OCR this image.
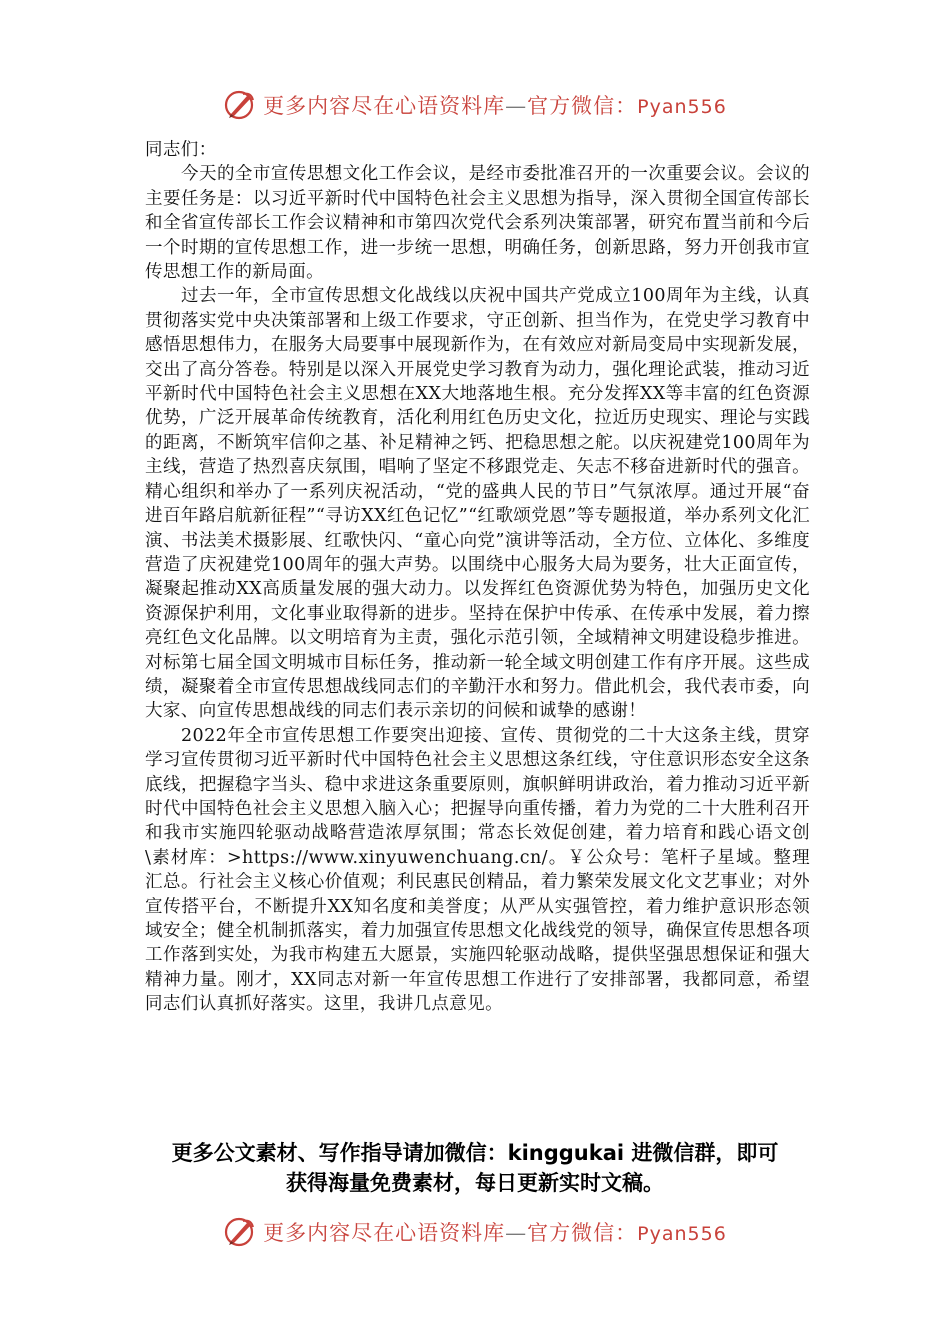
更多内容尽在心语资料库—官方微信：Pyan556

同志们：

今天的全市宣传思想文化工作会议，是经市委批准召开的一次重要会议。会议的主要任务是：以习近平新时代中国特色社会主义思想为指导，深入贯彻全国宣传部长和全省宣传部长工作会议精神和市第四次党代会系列决策部署，研究布置当前和今后一个时期的宣传思想工作，进一步统一思想，明确任务，创新思路，努力开创我市宣传思想工作的新局面。

过去一年，全市宣传思想文化战线以庆祝中国共产党成立100周年为主线，认真贯彻落实党中央决策部署和上级工作要求，守正创新、担当作为，在党史学习教育中感悟思想伟力，在服务大局要事中展现新作为，在有效应对新局变局中实现新发展，交出了高分答卷。特别是以深入开展党史学习教育为动力，强化理论武装，推动习近平新时代中国特色社会主义思想在XX大地落地生根。充分发挥XX等丰富的红色资源优势，广泛开展革命传统教育，活化利用红色历史文化，拉近历史现实、理论与实践的距离，不断筑牢信仰之基、补足精神之钙、把稳思想之舵。以庆祝建党100周年为主线，营造了热烈喜庆氛围，唱响了坚定不移跟党走、矢志不移奋进新时代的强音。精心组织和举办了一系列庆祝活动，“党的盛典人民的节日”气氛浓厚。通过开展“奋进百年路启航新征程”“寻访XX红色记忆”“红歌颂党恩”等专题报道，举办系列文化汇演、书法美术摄影展、红歌快闪、“童心向党”演讲等活动，全方位、立体化、多维度营造了庆祝建党100周年的强大声势。以围绕中心服务大局为要务，壮大正面宣传，凝聚起推动XX高质量发展的强大动力。以发挥红色资源优势为特色，加强历史文化资源保护利用，文化事业取得新的进步。坚持在保护中传承、在传承中发展，着力擦亮红色文化品牌。以文明培育为主责，强化示范引领，全域精神文明建设稳步推进。对标第七届全国文明城市目标任务，推动新一轮全域文明创建工作有序开展。这些成绩，凝聚着全市宣传思想战线同志们的辛勤汗水和努力。借此机会，我代表市委，向大家、向宣传思想战线的同志们表示亲切的问候和诚挚的感谢！

2022年全市宣传思想工作要突出迎接、宣传、贯彻党的二十大这条主线，贯穿学习宣传贯彻习近平新时代中国特色社会主义思想这条红线，守住意识形态安全这条底线，把握稳字当头、稳中求进这条重要原则，旗帜鲜明讲政治，着力推动习近平新时代中国特色社会主义思想入脑入心；把握导向重传播，着力为党的二十大胜利召开和我市实施四轮驱动战略营造浓厚氛围；常态长效促创建，着力培育和践心语文创\素材库：>https://www.xinyuwenchuang.cn/。￥公众号：笔杆子星域。整理汇总。行社会主义核心价值观；利民惠民创精品，着力繁荣发展文化文艺事业；对外宣传搭平台，不断提升XX知名度和美誉度；从严从实强管控，着力维护意识形态领域安全；健全机制抓落实，着力加强宣传思想文化战线党的领导，确保宣传思想各项工作落到实处，为我市构建五大愿景，实施四轮驱动战略，提供坚强思想保证和强大精神力量。刚才，XX同志对新一年宣传思想工作进行了安排部署，我都同意，希望同志们认真抓好落实。这里，我讲几点意见。

更多公文素材、写作指导请加微信：kinggukai 进微信群，即可
获得海量免费素材，每日更新实时文稿。
更多内容尽在心语资料库—官方微信：Pyan556
